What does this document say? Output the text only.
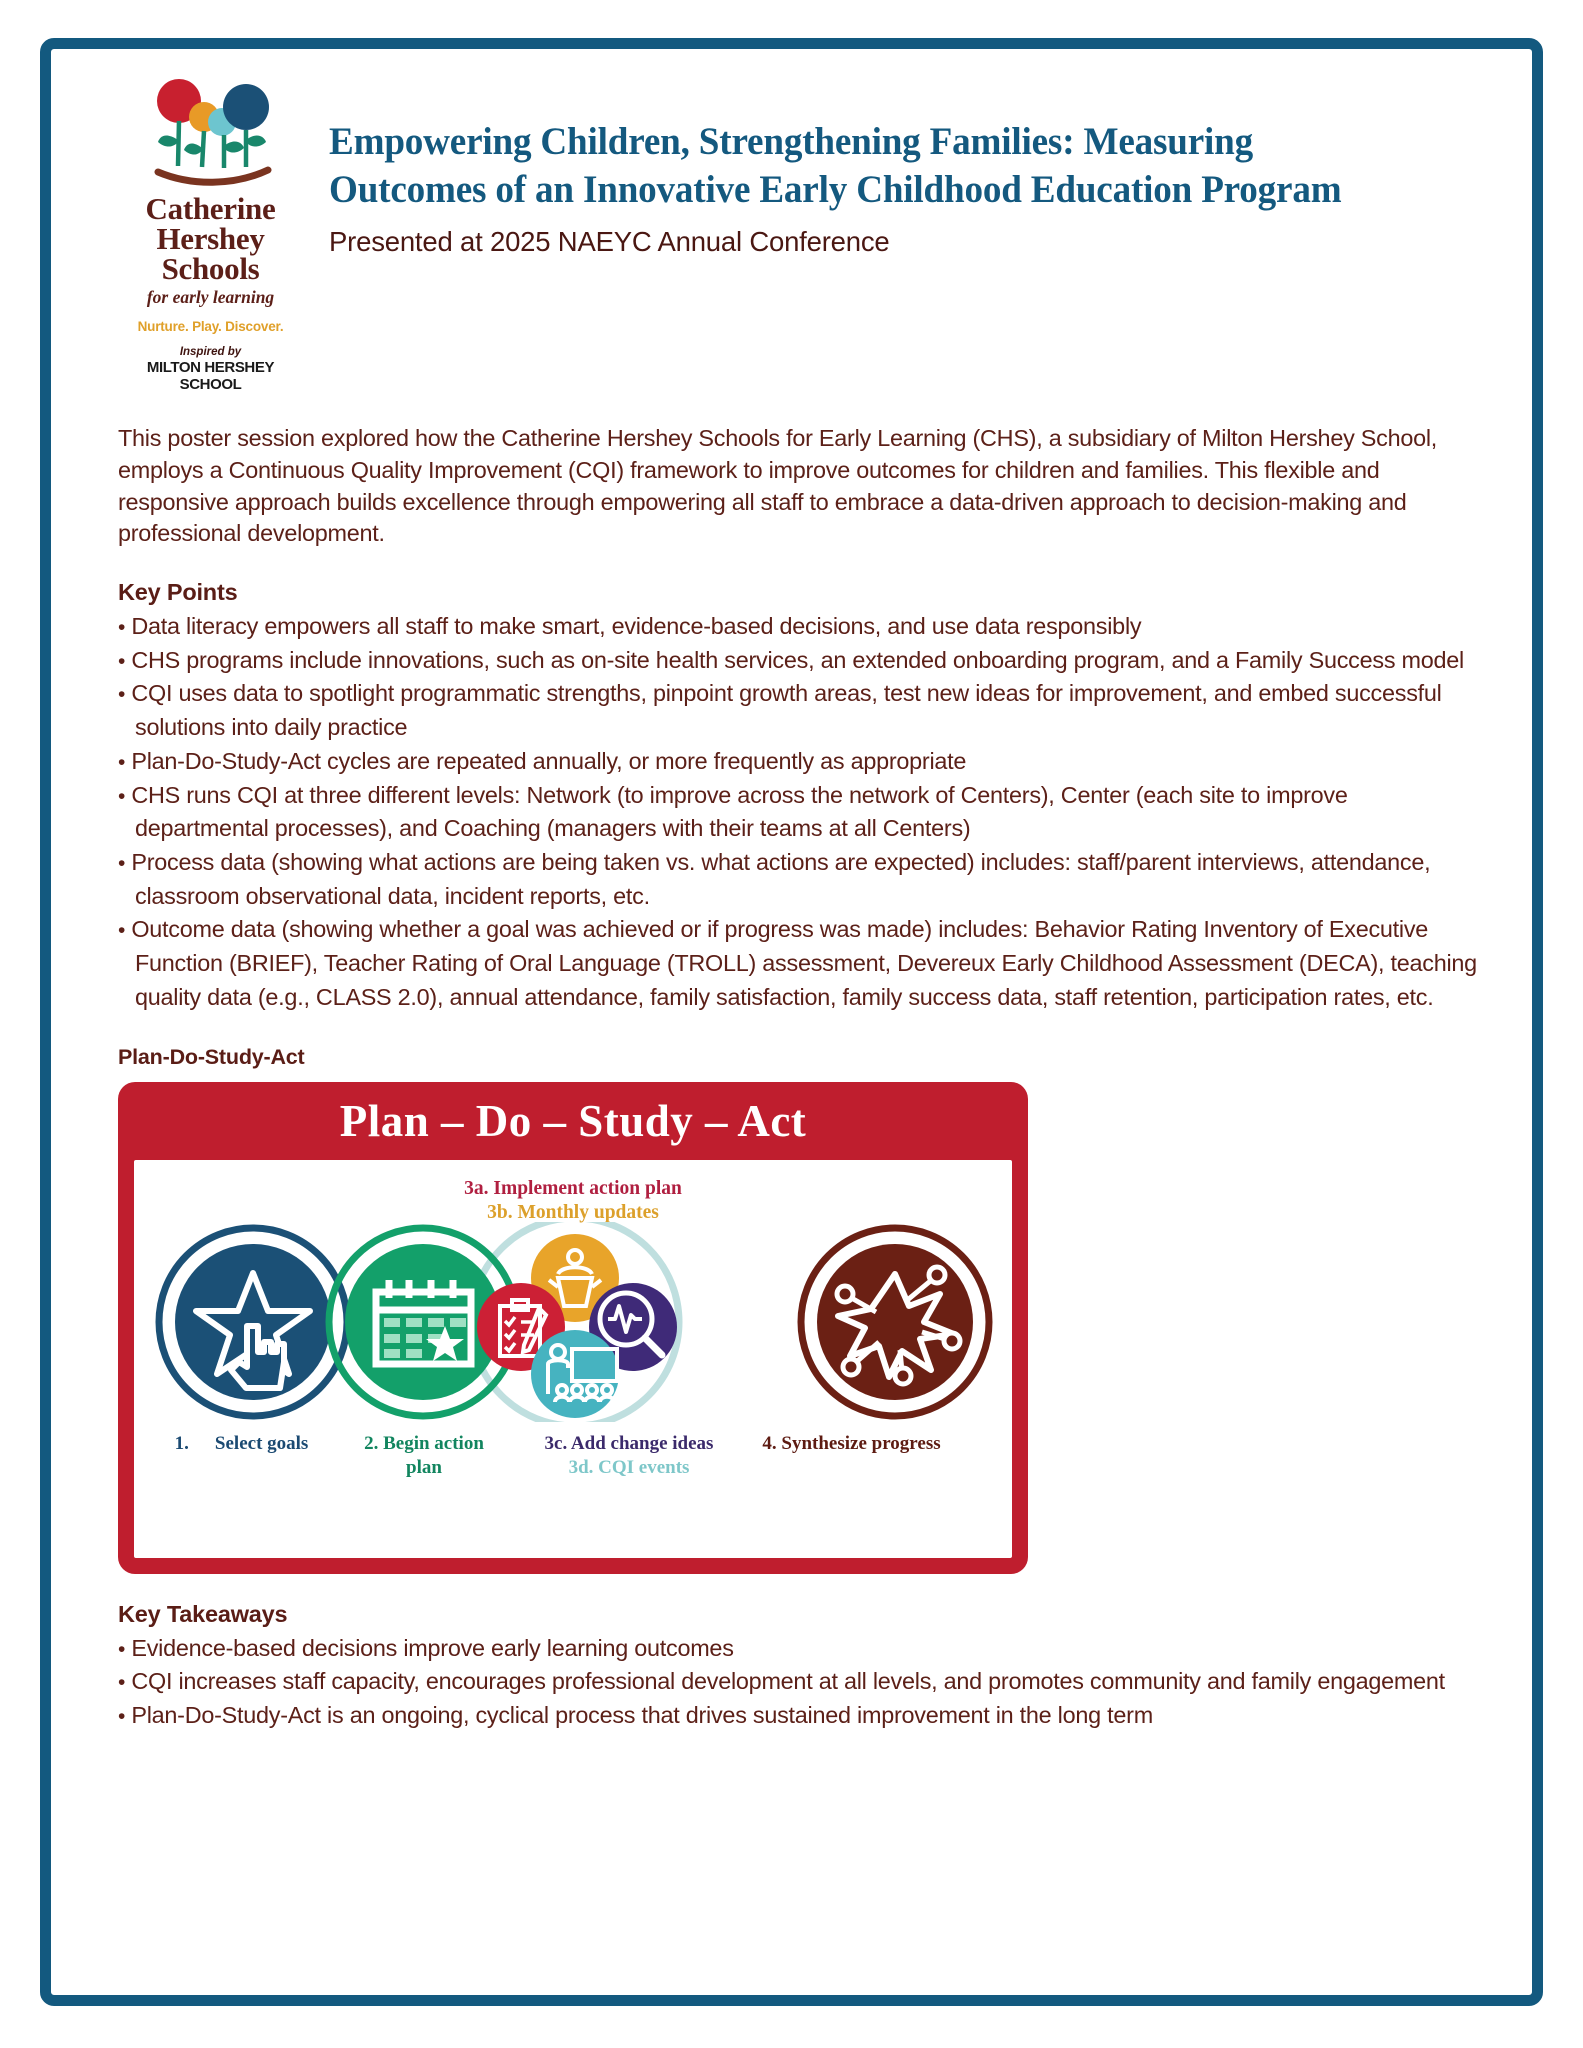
Catherine
Hershey
Schools
for early learning
Nurture. Play. Discover.
Inspired by
MILTON HERSHEY SCHOOL
Empowering Children, Strengthening Families: Measuring Outcomes of an Innovative Early Childhood Education Program
Presented at 2025 NAEYC Annual Conference
This poster session explored how the Catherine Hershey Schools for Early Learning (CHS), a subsidiary of Milton Hershey School, employs a Continuous Quality Improvement (CQI) framework to improve outcomes for children and families. This flexible and responsive approach builds excellence through empowering all staff to embrace a data-driven approach to decision-making and professional development.
Key Points
• Data literacy empowers all staff to make smart, evidence-based decisions, and use data responsibly
• CHS programs include innovations, such as on-site health services, an extended onboarding program, and a Family Success model
• CQI uses data to spotlight programmatic strengths, pinpoint growth areas, test new ideas for improvement, and embed successful solutions into daily practice
• Plan-Do-Study-Act cycles are repeated annually, or more frequently as appropriate
• CHS runs CQI at three different levels: Network (to improve across the network of Centers), Center (each site to improve departmental processes), and Coaching (managers with their teams at all Centers)
• Process data (showing what actions are being taken vs. what actions are expected) includes: staff/parent interviews, attendance, classroom observational data, incident reports, etc.
• Outcome data (showing whether a goal was achieved or if progress was made) includes: Behavior Rating Inventory of Executive Function (BRIEF), Teacher Rating of Oral Language (TROLL) assessment, Devereux Early Childhood Assessment (DECA), teaching quality data (e.g., CLASS 2.0), annual attendance, family satisfaction, family success data, staff retention, participation rates, etc.
Plan-Do-Study-Act
Plan – Do – Study – Act
3a. Implement action plan
3b. Monthly updates
1. Select goals	2. Begin action plan
3c. Add change ideas
3d. CQI events
4. Synthesize progress
Key Takeaways
• Evidence-based decisions improve early learning outcomes
• CQI increases staff capacity, encourages professional development at all levels, and promotes community and family engagement
• Plan-Do-Study-Act is an ongoing, cyclical process that drives sustained improvement in the long term
